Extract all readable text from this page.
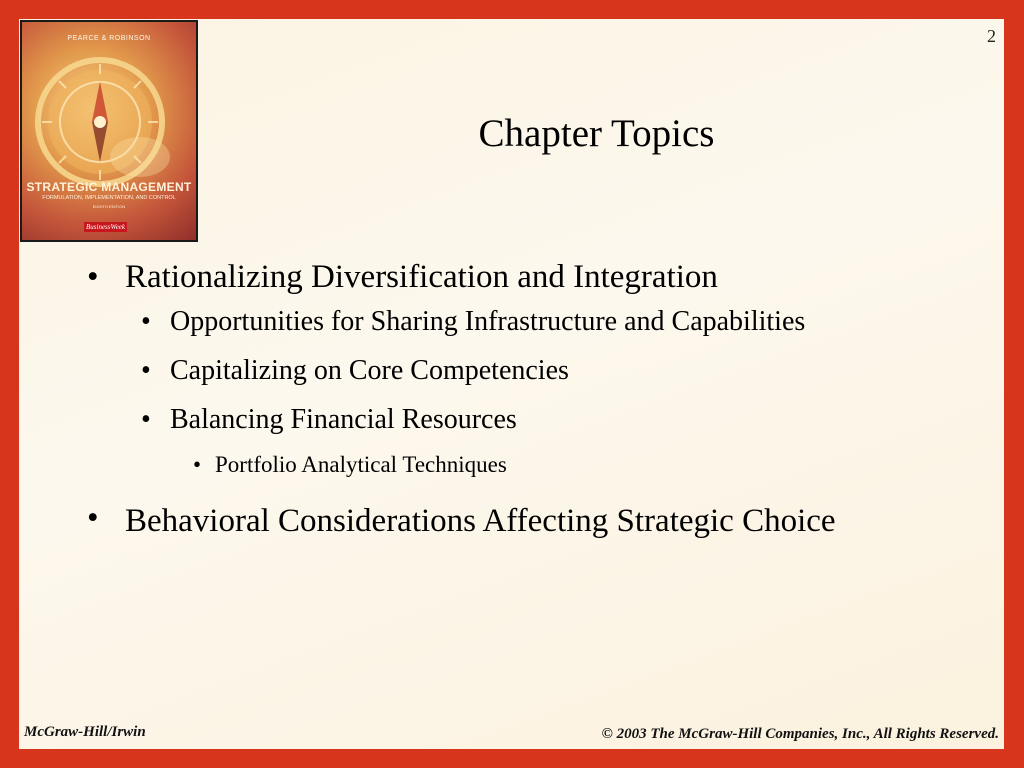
2
PEARCE & ROBINSON
STRATEGIC MANAGEMENT
FORMULATION, IMPLEMENTATION, AND CONTROL
EIGHTH EDITION
BusinessWeek
Chapter Topics
• Rationalizing Diversification and Integration
• Opportunities for Sharing Infrastructure and Capabilities
• Capitalizing on Core Competencies
• Balancing Financial Resources
• Portfolio Analytical Techniques
• Behavioral Considerations Affecting Strategic Choice
McGraw-Hill/Irwin	© 2003 The McGraw-Hill Companies, Inc., All Rights Reserved.
